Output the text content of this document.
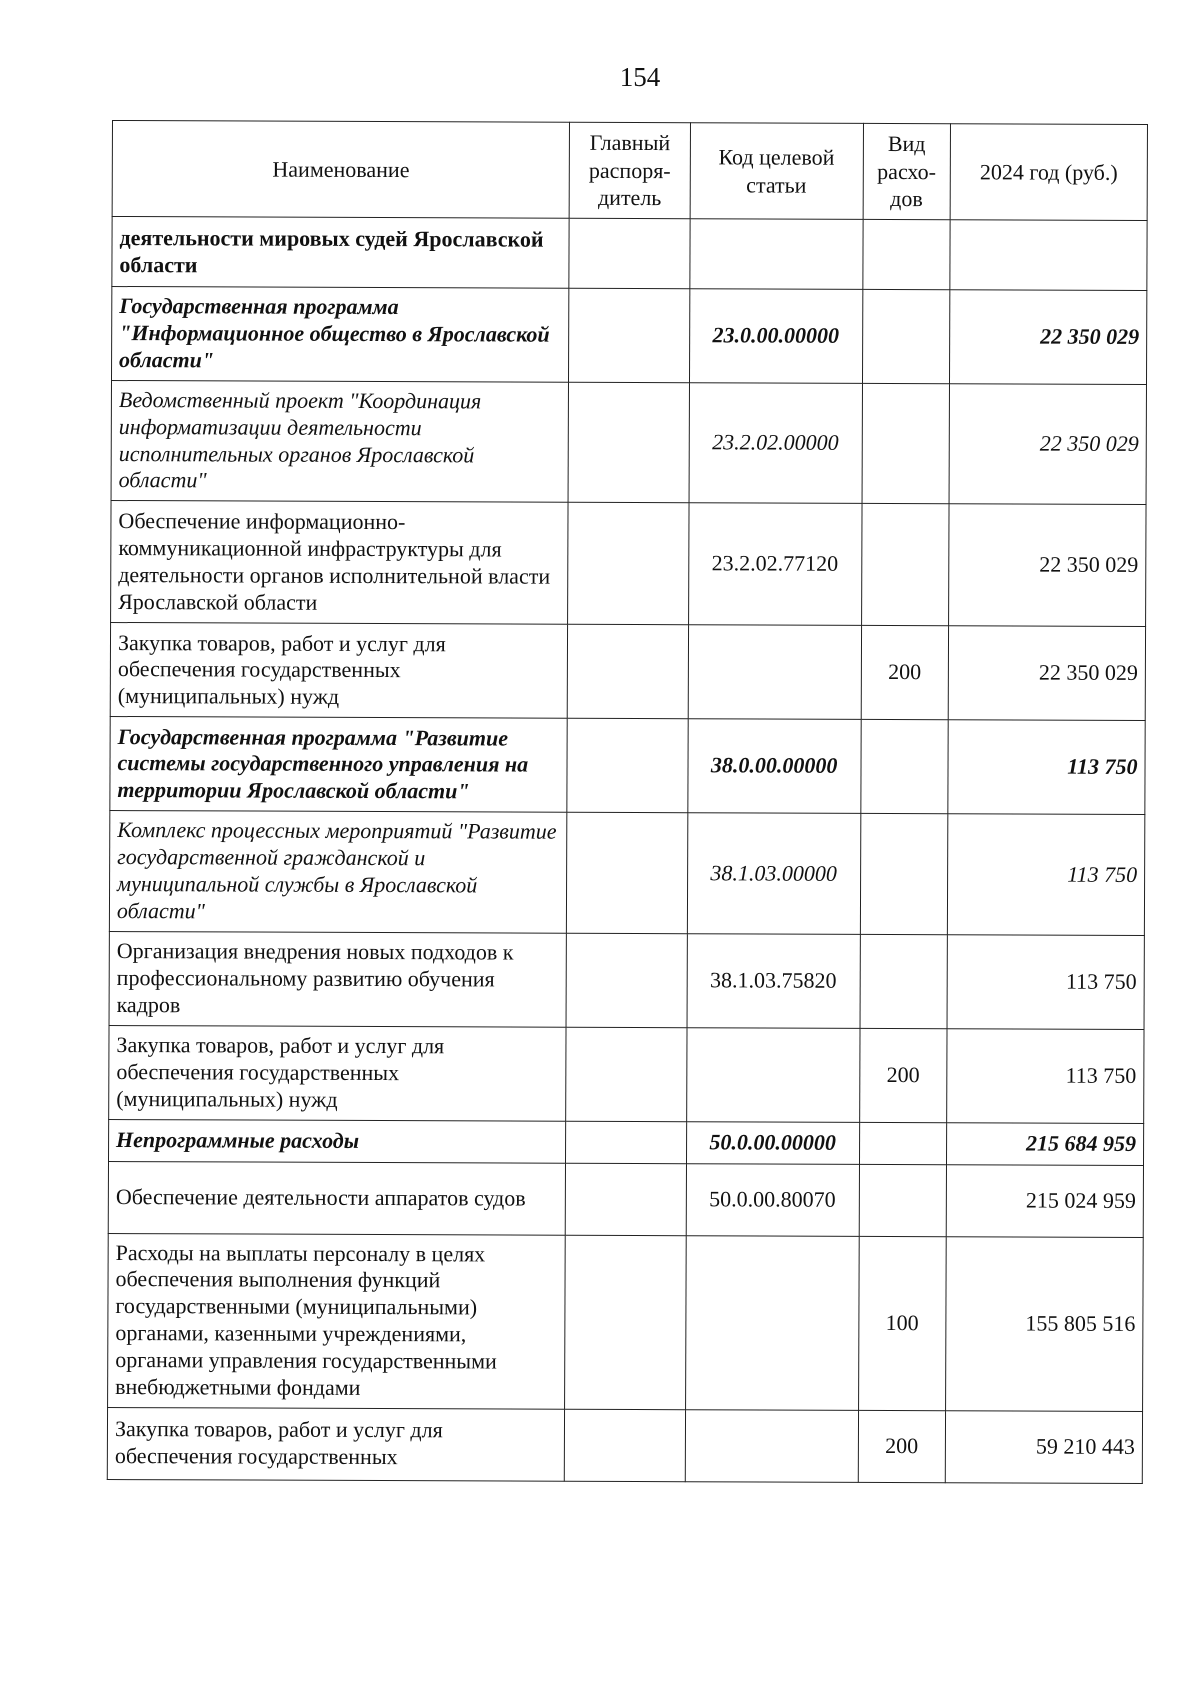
154
Наименование	Главный распоря-дитель	Код целевой статьи	Вид расхо-дов	2024 год (руб.)
деятельности мировых судей Ярославской области				
Государственная программа "Информационное общество в Ярославской области"		23.0.00.00000		22 350 029
Ведомственный проект "Координация информатизации деятельности исполнительных органов Ярославской области"		23.2.02.00000		22 350 029
Обеспечение информационно-коммуникационной инфраструктуры для деятельности органов исполнительной власти Ярославской области		23.2.02.77120		22 350 029
Закупка товаров, работ и услуг для обеспечения государственных (муниципальных) нужд			200	22 350 029
Государственная программа "Развитие системы государственного управления на территории Ярославской области"		38.0.00.00000		113 750
Комплекс процессных мероприятий "Развитие государственной гражданской и муниципальной службы в Ярославской области"		38.1.03.00000		113 750
Организация внедрения новых подходов к профессиональному развитию обучения кадров		38.1.03.75820		113 750
Закупка товаров, работ и услуг для обеспечения государственных (муниципальных) нужд			200	113 750
Непрограммные расходы		50.0.00.00000		215 684 959
Обеспечение деятельности аппаратов судов		50.0.00.80070		215 024 959
Расходы на выплаты персоналу в целях обеспечения выполнения функций государственными (муниципальными) органами, казенными учреждениями, органами управления государственными внебюджетными фондами			100	155 805 516
Закупка товаров, работ и услуг для обеспечения государственных			200	59 210 443
